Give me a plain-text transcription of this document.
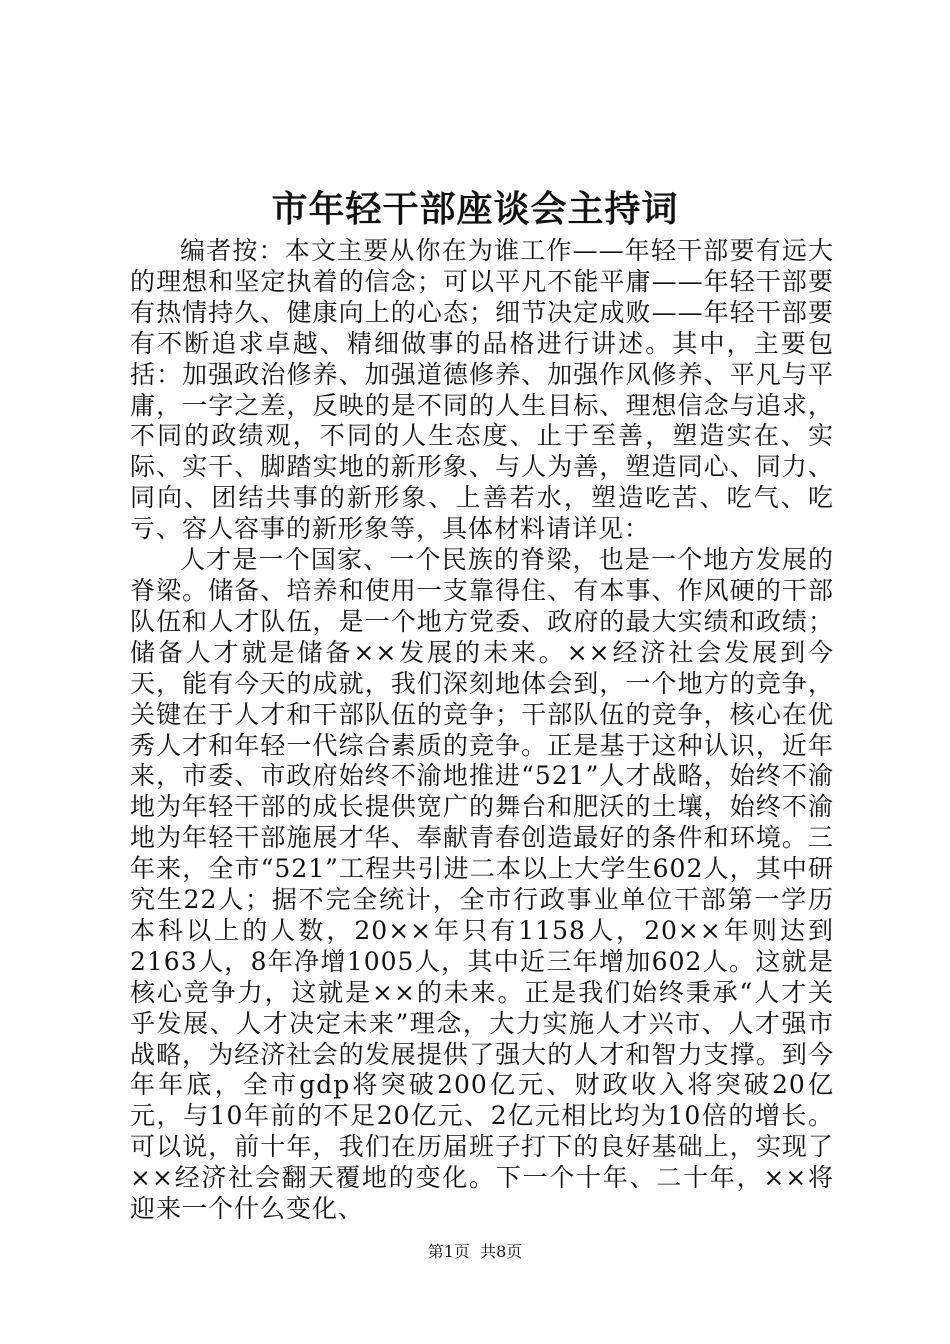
市年轻干部座谈会主持词

编者按：本文主要从你在为谁工作——年轻干部要有远大的理想和坚定执着的信念；可以平凡不能平庸——年轻干部要有热情持久、健康向上的心态；细节决定成败——年轻干部要有不断追求卓越、精细做事的品格进行讲述。其中，主要包括：加强政治修养、加强道德修养、加强作风修养、平凡与平庸，一字之差，反映的是不同的人生目标、理想信念与追求，不同的政绩观，不同的人生态度、止于至善，塑造实在、实际、实干、脚踏实地的新形象、与人为善，塑造同心、同力、同向、团结共事的新形象、上善若水，塑造吃苦、吃气、吃亏、容人容事的新形象等，具体材料请详见：

人才是一个国家、一个民族的脊梁，也是一个地方发展的脊梁。储备、培养和使用一支靠得住、有本事、作风硬的干部队伍和人才队伍，是一个地方党委、政府的最大实绩和政绩；储备人才就是储备××发展的未来。××经济社会发展到今天，能有今天的成就，我们深刻地体会到，一个地方的竞争，关键在于人才和干部队伍的竞争；干部队伍的竞争，核心在优秀人才和年轻一代综合素质的竞争。正是基于这种认识，近年来，市委、市政府始终不渝地推进“521”人才战略，始终不渝地为年轻干部的成长提供宽广的舞台和肥沃的土壤，始终不渝地为年轻干部施展才华、奉献青春创造最好的条件和环境。三年来，全市“521”工程共引进二本以上大学生602人，其中研究生22人；据不完全统计，全市行政事业单位干部第一学历本科以上的人数，20××年只有1158人，20××年则达到2163人，8年净增1005人，其中近三年增加602人。这就是核心竞争力，这就是××的未来。正是我们始终秉承“人才关乎发展、人才决定未来”理念，大力实施人才兴市、人才强市战略，为经济社会的发展提供了强大的人才和智力支撑。到今年年底，全市gdp将突破200亿元、财政收入将突破20亿元，与10年前的不足20亿元、2亿元相比均为10倍的增长。可以说，前十年，我们在历届班子打下的良好基础上，实现了××经济社会翻天覆地的变化。下一个十年、二十年，××将迎来一个什么变化、

第1页  共8页
